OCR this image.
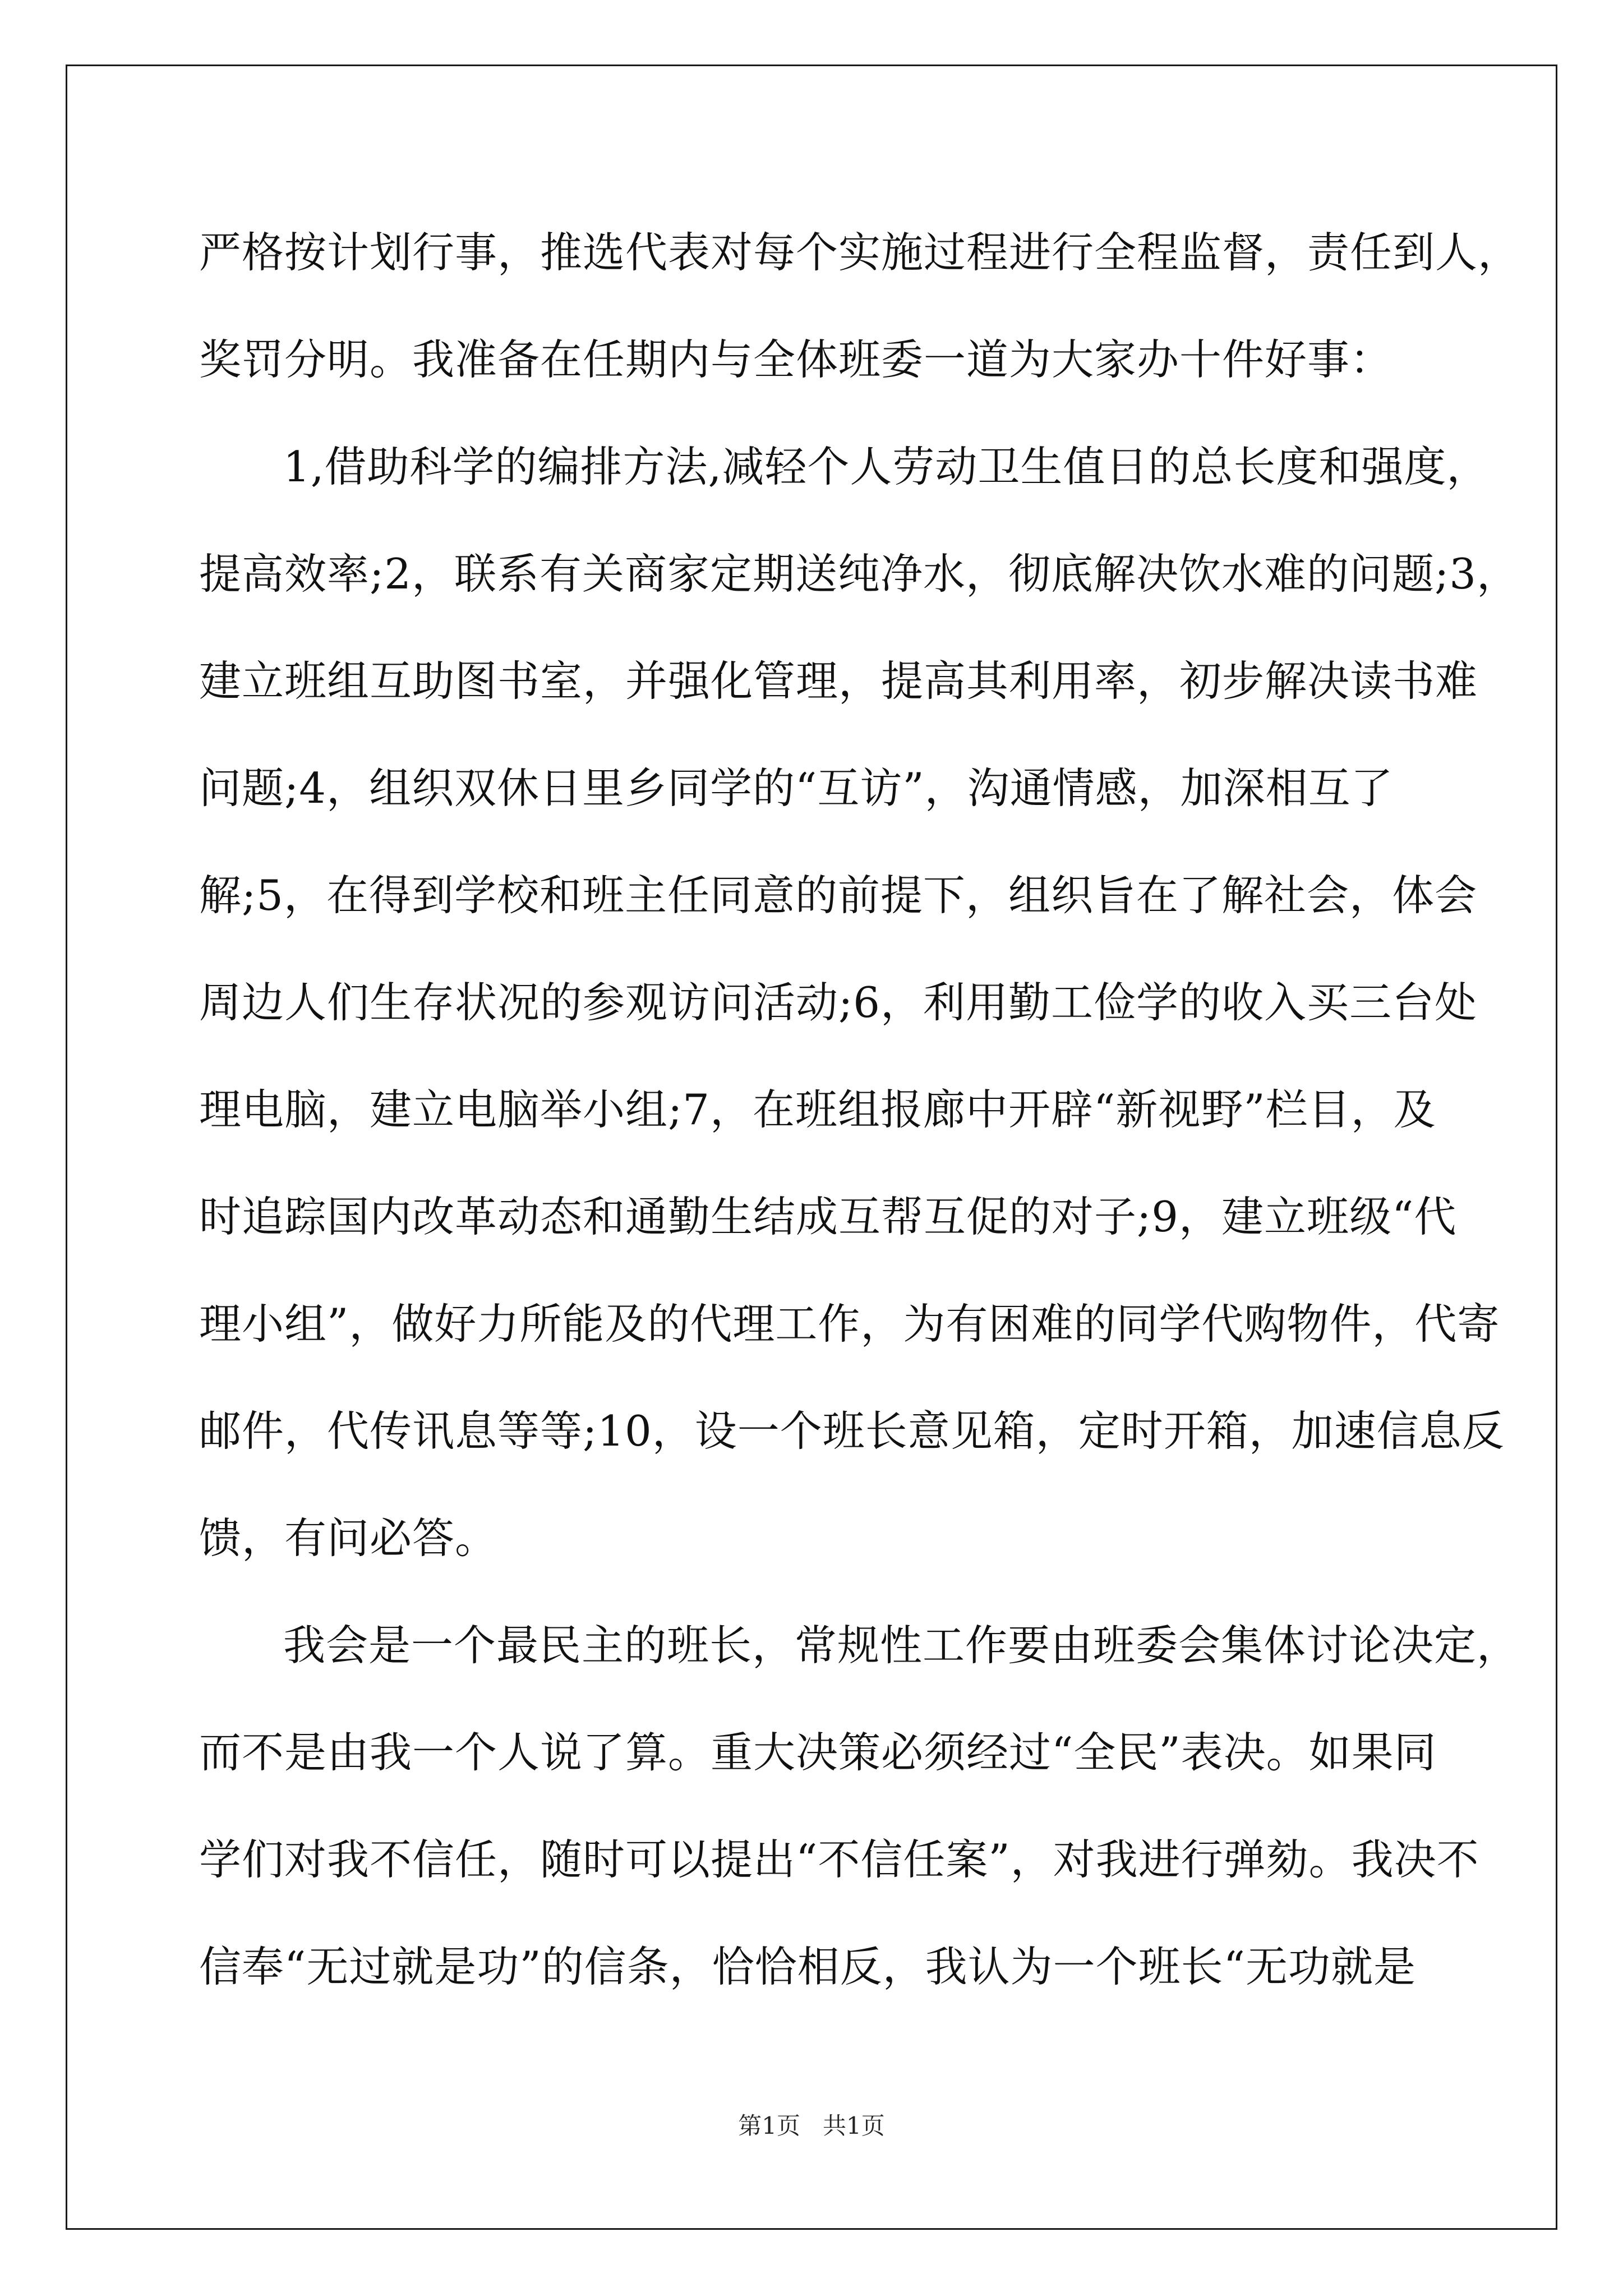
严格按计划行事，推选代表对每个实施过程进行全程监督，责任到人，
奖罚分明。我准备在任期内与全体班委一道为大家办十件好事：
1,借助科学的编排方法,减轻个人劳动卫生值日的总长度和强度，
提高效率;2，联系有关商家定期送纯净水，彻底解决饮水难的问题;3，
建立班组互助图书室，并强化管理，提高其利用率，初步解决读书难
问题;4，组织双休日里乡同学的“互访”，沟通情感，加深相互了
解;5，在得到学校和班主任同意的前提下，组织旨在了解社会，体会
周边人们生存状况的参观访问活动;6，利用勤工俭学的收入买三台处
理电脑，建立电脑举小组;7，在班组报廊中开辟“新视野”栏目，及
时追踪国内改革动态和通勤生结成互帮互促的对子;9，建立班级“代
理小组”，做好力所能及的代理工作，为有困难的同学代购物件，代寄
邮件，代传讯息等等;10，设一个班长意见箱，定时开箱，加速信息反
馈，有问必答。
我会是一个最民主的班长，常规性工作要由班委会集体讨论决定，
而不是由我一个人说了算。重大决策必须经过“全民”表决。如果同
学们对我不信任，随时可以提出“不信任案”，对我进行弹劾。我决不
信奉“无过就是功”的信条，恰恰相反，我认为一个班长“无功就是
第1页   共1页
